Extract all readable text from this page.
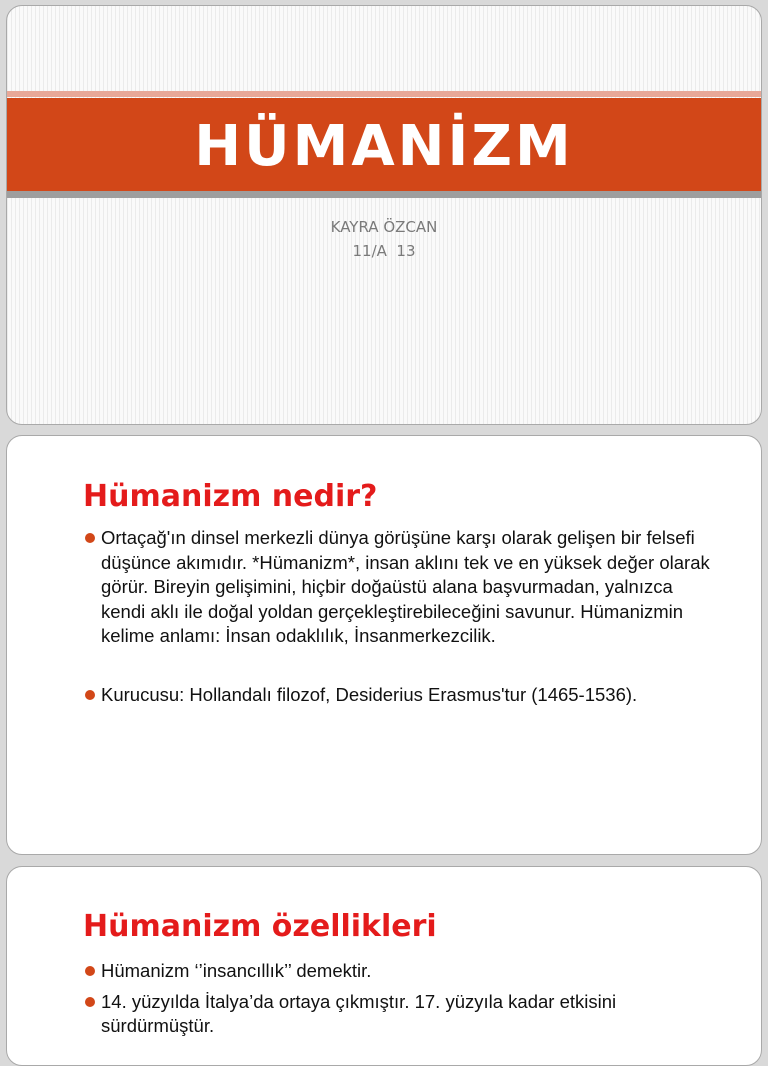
HÜMANİZM
KAYRA ÖZCAN
11/A  13
Hümanizm nedir?
Ortaçağ'ın dinsel merkezli dünya görüşüne karşı olarak gelişen bir felsefi düşünce akımıdır. *Hümanizm*, insan aklını tek ve en yüksek değer olarak görür. Bireyin gelişimini, hiçbir doğaüstü alana başvurmadan, yalnızca kendi aklı ile doğal yoldan gerçekleştirebileceğini savunur. Hümanizmin kelime anlamı: İnsan odaklılık, İnsanmerkezcilik.
Kurucusu: Hollandalı filozof, Desiderius Erasmus'tur (1465-1536).
Hümanizm özellikleri
Hümanizm ‘’insancıllık’’ demektir.
14. yüzyılda İtalya’da ortaya çıkmıştır. 17. yüzyıla kadar etkisini sürdürmüştür.
